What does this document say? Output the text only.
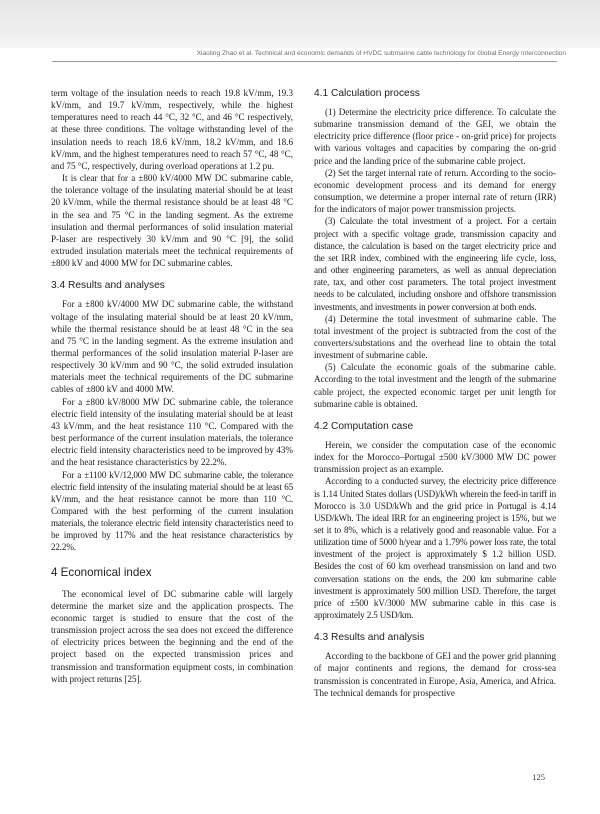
Xiaoling Zhao et al. Technical and economic demands of HVDC submarine cable technology for Global Energy Interconnection

term voltage of the insulation needs to reach 19.8 kV/mm, 19.3 kV/mm, and 19.7 kV/mm, respectively, while the highest temperatures need to reach 44 °C, 32 °C, and 46 °C respectively, at these three conditions. The voltage withstanding level of the insulation needs to reach 18.6 kV/mm, 18.2 kV/mm, and 18.6 kV/mm, and the highest temperatures need to reach 57 °C, 48 °C, and 75 °C, respectively, during overload operations at 1.2 pu.

It is clear that for a ±800 kV/4000 MW DC submarine cable, the tolerance voltage of the insulating material should be at least 20 kV/mm, while the thermal resistance should be at least 48 °C in the sea and 75 °C in the landing segment. As the extreme insulation and thermal performances of solid insulation material P-laser are respectively 30 kV/mm and 90 °C [9], the solid extruded insulation materials meet the technical requirements of ±800 kV and 4000 MW for DC submarine cables.

3.4 Results and analyses

For a ±800 kV/4000 MW DC submarine cable, the withstand voltage of the insulating material should be at least 20 kV/mm, while the thermal resistance should be at least 48 °C in the sea and 75 °C in the landing segment. As the extreme insulation and thermal performances of the solid insulation material P-laser are respectively 30 kV/mm and 90 °C, the solid extruded insulation materials meet the technical requirements of the DC submarine cables of ±800 kV and 4000 MW.

For a ±800 kV/8000 MW DC submarine cable, the tolerance electric field intensity of the insulating material should be at least 43 kV/mm, and the heat resistance 110 °C. Compared with the best performance of the current insulation materials, the tolerance electric field intensity characteristics need to be improved by 43% and the heat resistance characteristics by 22.2%.

For a ±1100 kV/12,000 MW DC submarine cable, the tolerance electric field intensity of the insulating material should be at least 65 kV/mm, and the heat resistance cannot be more than 110 °C. Compared with the best performing of the current insulation materials, the tolerance electric field intensity characteristics need to be improved by 117% and the heat resistance characteristics by 22.2%.

4 Economical index

The economical level of DC submarine cable will largely determine the market size and the application prospects. The economic target is studied to ensure that the cost of the transmission project across the sea does not exceed the difference of electricity prices between the beginning and the end of the project based on the expected transmission prices and transmission and transformation equipment costs, in combination with project returns [25].

4.1 Calculation process

(1) Determine the electricity price difference. To calculate the submarine transmission demand of the GEI, we obtain the electricity price difference (floor price - on-grid price) for projects with various voltages and capacities by comparing the on-grid price and the landing price of the submarine cable project.

(2) Set the target internal rate of return. According to the socio-economic development process and its demand for energy consumption, we determine a proper internal rate of return (IRR) for the indicators of major power transmission projects.

(3) Calculate the total investment of a project. For a certain project with a specific voltage grade, transmission capacity and distance, the calculation is based on the target electricity price and the set IRR index, combined with the engineering life cycle, loss, and other engineering parameters, as well as annual depreciation rate, tax, and other cost parameters. The total project investment needs to be calculated, including onshore and offshore transmission investments, and investments in power conversion at both ends.

(4) Determine the total investment of submarine cable. The total investment of the project is subtracted from the cost of the converters/substations and the overhead line to obtain the total investment of submarine cable.

(5) Calculate the economic goals of the submarine cable. According to the total investment and the length of the submarine cable project, the expected economic target per unit length for submarine cable is obtained.

4.2 Computation case

Herein, we consider the computation case of the economic index for the Morocco–Portugal ±500 kV/3000 MW DC power transmission project as an example.

According to a conducted survey, the electricity price difference is 1.14 United States dollars (USD)/kWh wherein the feed-in tariff in Morocco is 3.0 USD/kWh and the grid price in Portugal is 4.14 USD/kWh. The ideal IRR for an engineering project is 15%, but we set it to 8%, which is a relatively good and reasonable value. For a utilization time of 5000 h/year and a 1.79% power loss rate, the total investment of the project is approximately $ 1.2 billion USD. Besides the cost of 60 km overhead transmission on land and two conversation stations on the ends, the 200 km submarine cable investment is approximately 500 million USD. Therefore, the target price of ±500 kV/3000 MW submarine cable in this case is approximately 2.5 USD/km.

4.3 Results and analysis

According to the backbone of GEI and the power grid planning of major continents and regions, the demand for cross-sea transmission is concentrated in Europe, Asia, America, and Africa. The technical demands for prospective

125
